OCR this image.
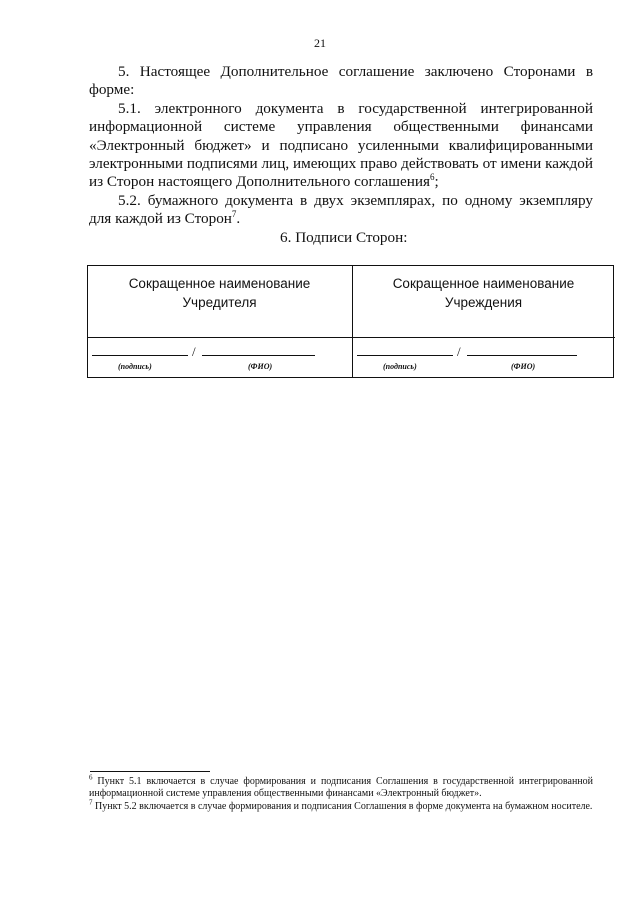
21

5. Настоящее Дополнительное соглашение заключено Сторонами в форме:

5.1. электронного документа в государственной интегрированной информационной системе управления общественными финансами «Электронный бюджет» и подписано усиленными квалифицированными электронными подписями лиц, имеющих право действовать от имени каждой из Сторон настоящего Дополнительного соглашения$^6$;

5.2. бумажного документа в двух экземплярах, по одному экземпляру для каждой из Сторон$^7$.

6. Подписи Сторон:
Сокращенное наименование
Учредителя
/
(подпись)	(ФИО)
Сокращенное наименование
Учреждения
/
(подпись)	(ФИО)

$^6$ Пункт 5.1 включается в случае формирования и подписания Соглашения в государственной интегрированной информационной системе управления общественными финансами «Электронный бюджет».

$^7$ Пункт 5.2 включается в случае формирования и подписания Соглашения в форме документа на бумажном носителе.
